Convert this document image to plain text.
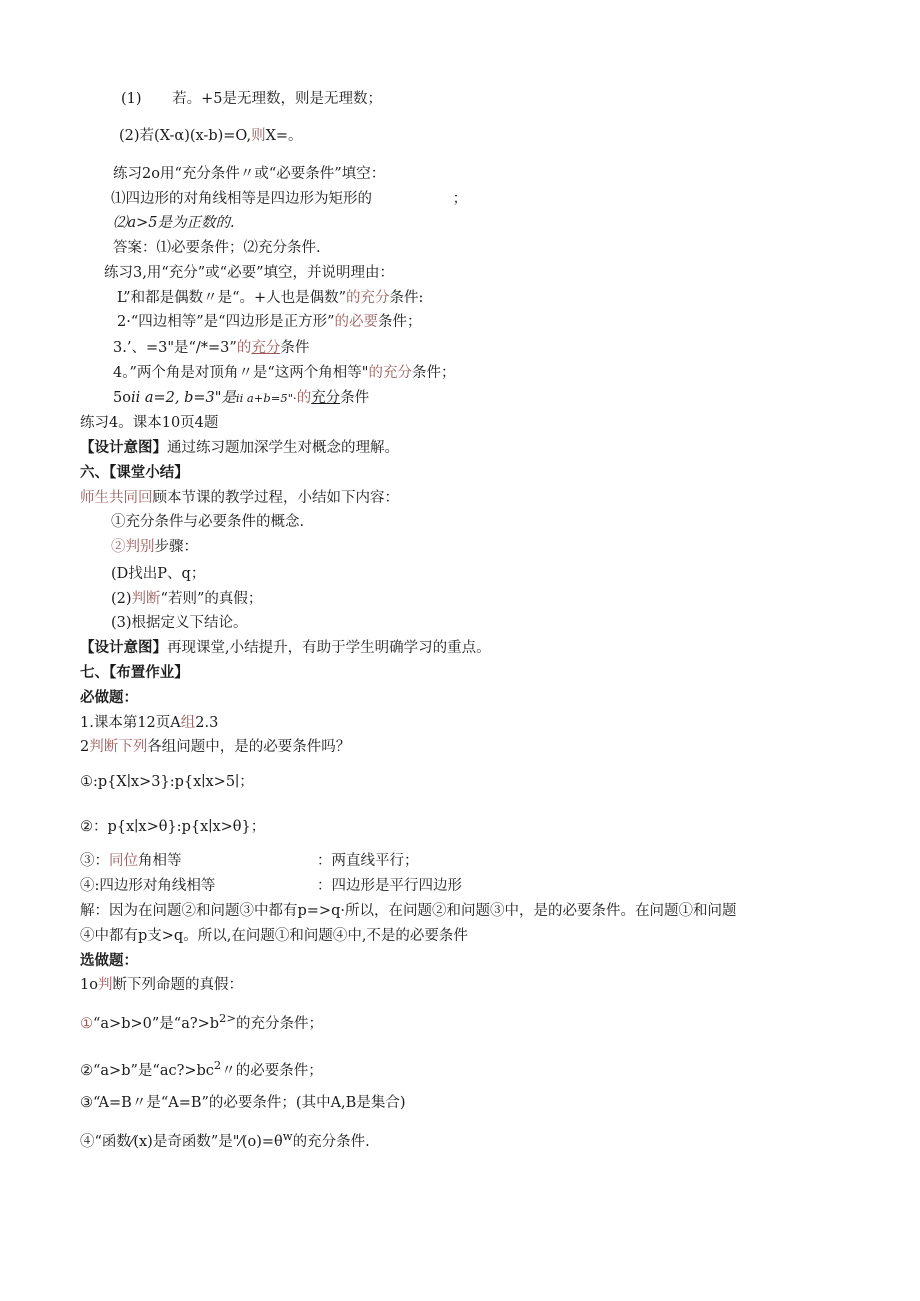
(1) 若。+5是无理数，则是无理数；
(2)若(X-α)(x-b)=O,则X=。
练习2o用“充分条件〃或“必要条件”填空：
⑴四边形的对角线相等是四边形为矩形的	；
⑵a>5是为正数的.
答案：⑴必要条件；⑵充分条件.
练习3,用“充分”或“必要”填空，并说明理由：
L”和都是偶数〃是“。+人也是偶数”的充分条件:
2·“四边相等”是“四边形是正方形”的必要条件；
3.’、=3"是“/*=3”的充分条件
4。”两个角是对顶角〃是“这两个角相等"的充分条件；
5oii a=2, b=3"是ii a+b=5"·的充分条件
练习4。课本10页4题
【设计意图】通过练习题加深学生对概念的理解。
六、【课堂小结】
师生共同回顾本节课的教学过程，小结如下内容：
①充分条件与必要条件的概念.
②判别步骤：
(D找出P、q；
(2)判断“若则”的真假；
(3)根据定义下结论。
【设计意图】再现课堂,小结提升，有助于学生明确学习的重点。
七、【布置作业】
必做题：
1.课本第12页A组2.3
2判断下列各组问题中，是的必要条件吗？
①:p{X∣x>3}:p{x∣x>5∣；
②：p{x∣x>θ}:p{x∣x>θ}；
③：同位角相等	：两直线平行；
④:四边形对角线相等	：四边形是平行四边形
解：因为在问题②和问题③中都有p=>q·所以，在问题②和问题③中，是的必要条件。在问题①和问题
④中都有p支>q。所以,在问题①和问题④中,不是的必要条件
选做题：
1o判断下列命题的真假：
①“a>b>0”是“$a?>b^{2>}$的充分条件；
②“a>b”是“$ac?>bc^2$〃的必要条件；
③“A=B〃是“A=B”的必要条件；(其中A,B是集合)
④“函数⁄(x)是奇函数”是"$⁄(o)=\theta^w$的充分条件.
